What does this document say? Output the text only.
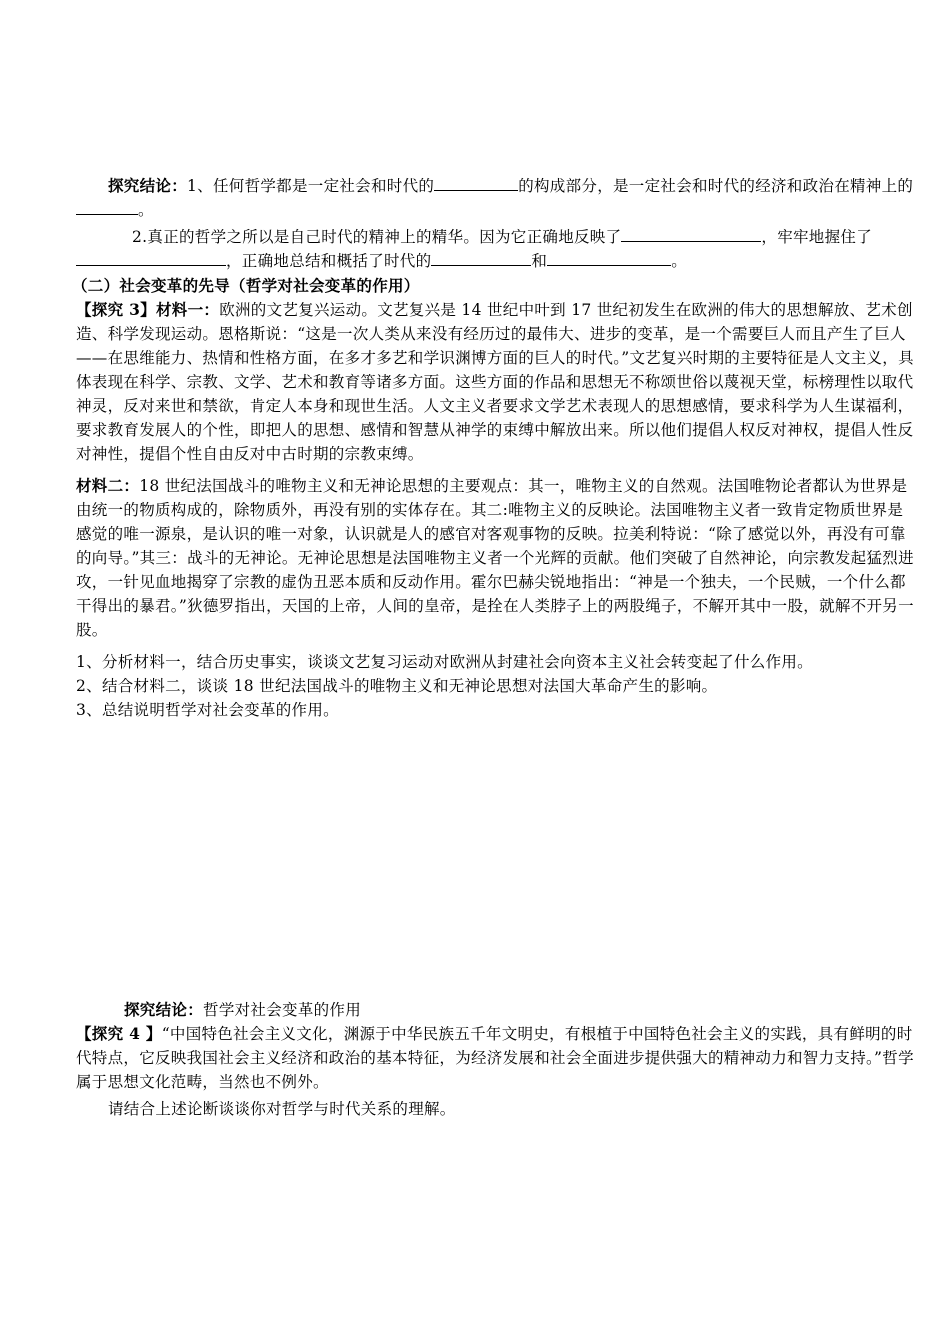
探究结论：1、任何哲学都是一定社会和时代的	的构成部分，是一定社会和时代的经济和政治在精神上的。

2.真正的哲学之所以是自己时代的精神上的精华。因为它正确地反映了	，牢牢地握住了，正确地总结和概括了时代的	和	。

（二）社会变革的先导（哲学对社会变革的作用）

【探究 3】材料一：欧洲的文艺复兴运动。文艺复兴是 14 世纪中叶到 17 世纪初发生在欧洲的伟大的思想解放、艺术创造、科学发现运动。恩格斯说：“这是一次人类从来没有经历过的最伟大、进步的变革，是一个需要巨人而且产生了巨人——在思维能力、热情和性格方面，在多才多艺和学识渊博方面的巨人的时代。”文艺复兴时期的主要特征是人文主义，具体表现在科学、宗教、文学、艺术和教育等诸多方面。这些方面的作品和思想无不称颂世俗以蔑视天堂，标榜理性以取代神灵，反对来世和禁欲，肯定人本身和现世生活。人文主义者要求文学艺术表现人的思想感情，要求科学为人生谋福利，要求教育发展人的个性，即把人的思想、感情和智慧从神学的束缚中解放出来。所以他们提倡人权反对神权，提倡人性反对神性，提倡个性自由反对中古时期的宗教束缚。

材料二：18 世纪法国战斗的唯物主义和无神论思想的主要观点：其一，唯物主义的自然观。法国唯物论者都认为世界是由统一的物质构成的，除物质外，再没有别的实体存在。其二:唯物主义的反映论。法国唯物主义者一致肯定物质世界是感觉的唯一源泉，是认识的唯一对象，认识就是人的感官对客观事物的反映。拉美利特说：“除了感觉以外，再没有可靠的向导。”其三：战斗的无神论。无神论思想是法国唯物主义者一个光辉的贡献。他们突破了自然神论，向宗教发起猛烈进攻，一针见血地揭穿了宗教的虚伪丑恶本质和反动作用。霍尔巴赫尖锐地指出：“神是一个独夫，一个民贼，一个什么都干得出的暴君。”狄德罗指出，天国的上帝，人间的皇帝，是拴在人类脖子上的两股绳子，不解开其中一股，就解不开另一股。

1、分析材料一，结合历史事实，谈谈文艺复习运动对欧洲从封建社会向资本主义社会转变起了什么作用。

2、结合材料二，谈谈 18 世纪法国战斗的唯物主义和无神论思想对法国大革命产生的影响。

3、总结说明哲学对社会变革的作用。

探究结论：哲学对社会变革的作用

【探究 4 】“中国特色社会主义文化，渊源于中华民族五千年文明史，有根植于中国特色社会主义的实践，具有鲜明的时代特点，它反映我国社会主义经济和政治的基本特征，为经济发展和社会全面进步提供强大的精神动力和智力支持。”哲学属于思想文化范畴，当然也不例外。

请结合上述论断谈谈你对哲学与时代关系的理解。
